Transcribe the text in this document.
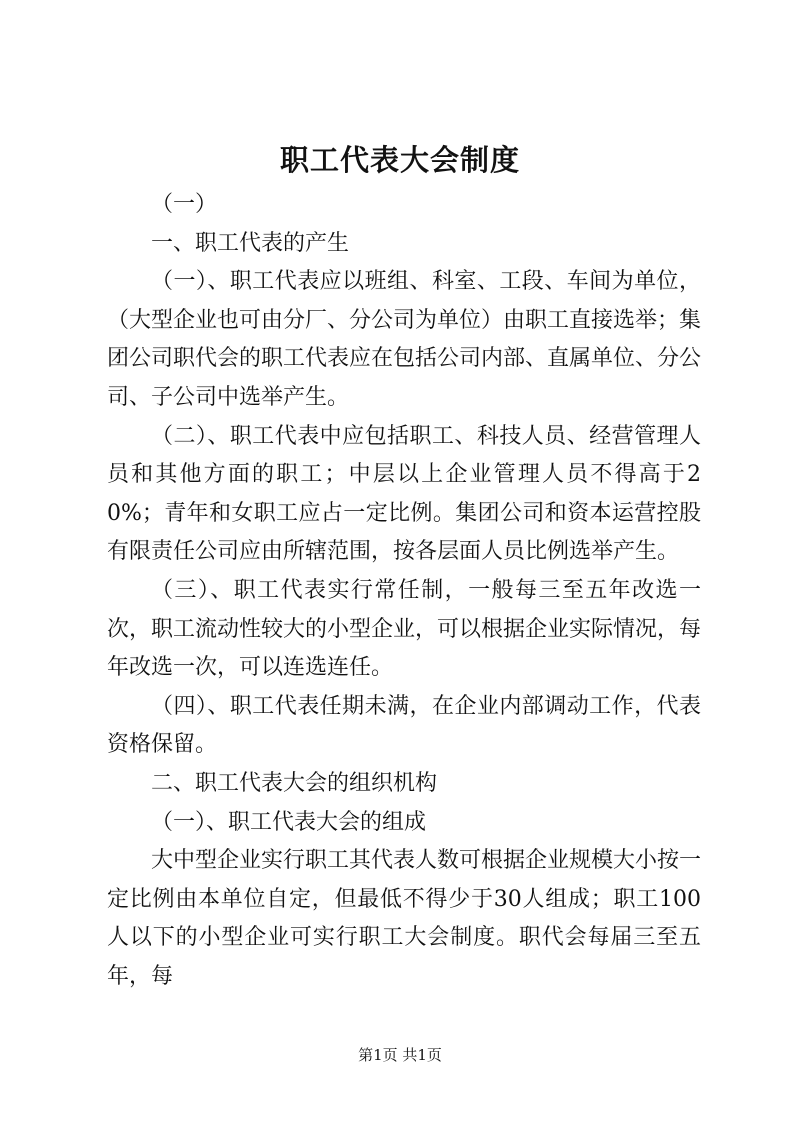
职工代表大会制度

（一）

一、职工代表的产生

（一）、职工代表应以班组、科室、工段、车间为单位，（大型企业也可由分厂、分公司为单位）由职工直接选举；集团公司职代会的职工代表应在包括公司内部、直属单位、分公司、子公司中选举产生。

（二）、职工代表中应包括职工、科技人员、经营管理人员和其他方面的职工；中层以上企业管理人员不得高于20%；青年和女职工应占一定比例。集团公司和资本运营控股有限责任公司应由所辖范围，按各层面人员比例选举产生。

（三）、职工代表实行常任制，一般每三至五年改选一次，职工流动性较大的小型企业，可以根据企业实际情况，每年改选一次，可以连选连任。

（四）、职工代表任期未满，在企业内部调动工作，代表资格保留。

二、职工代表大会的组织机构

（一）、职工代表大会的组成

大中型企业实行职工其代表人数可根据企业规模大小按一定比例由本单位自定，但最低不得少于30人组成；职工100人以下的小型企业可实行职工大会制度。职代会每届三至五年，每

第1页 共1页
